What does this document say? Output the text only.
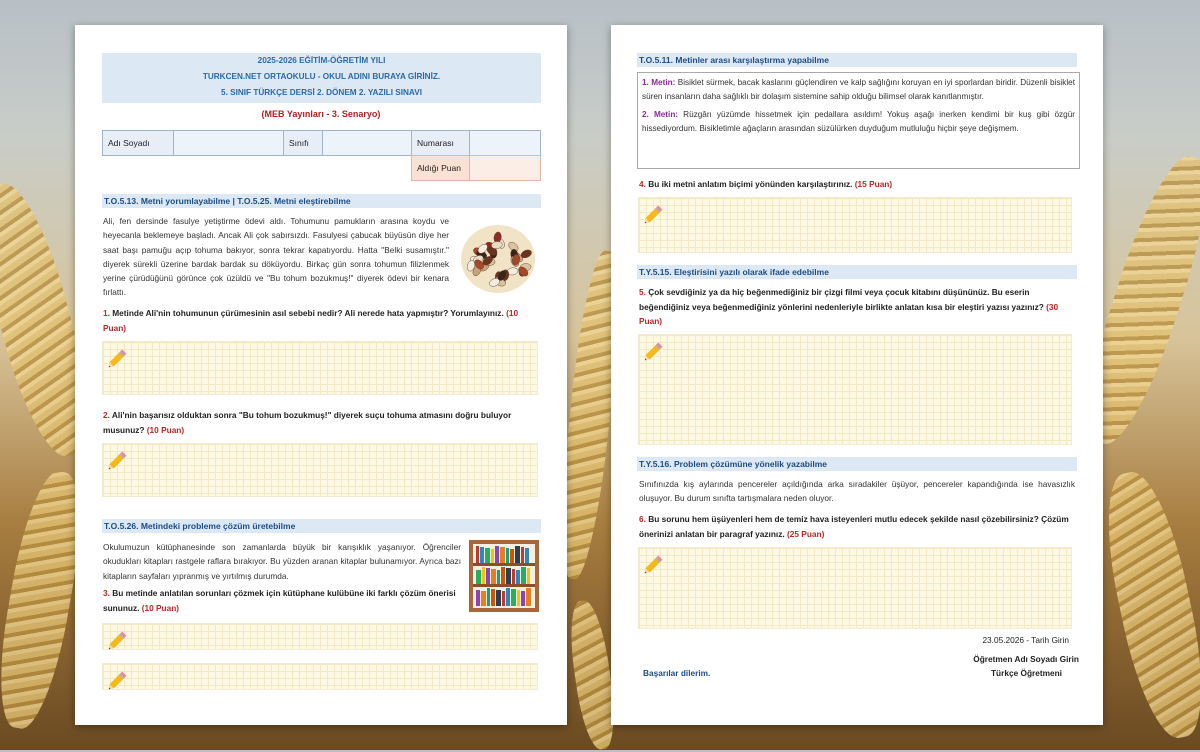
2025-2026 EĞİTİM-ÖĞRETİM YILI
TURKCEN.NET ORTAOKULU - OKUL ADINI BURAYA GİRİNİZ.
5. SINIF TÜRKÇE DERSİ 2. DÖNEM 2. YAZILI SINAVI
(MEB Yayınları - 3. Senaryo)
Adı Soyadı	Sınıfı	Numarası
Aldığı Puan
T.O.5.13. Metni yorumlayabilme | T.O.5.25. Metni eleştirebilme
Ali, fen dersinde fasulye yetiştirme ödevi aldı. Tohumunu pamukların arasına koydu ve heyecanla beklemeye başladı. Ancak Ali çok sabırsızdı. Fasulyesi çabucak büyüsün diye her saat başı pamuğu açıp tohuma bakıyor, sonra tekrar kapatıyordu. Hatta "Belki susamıştır." diyerek sürekli üzerine bardak bardak su döküyordu. Birkaç gün sonra tohumun filizlenmek yerine çürüdüğünü görünce çok üzüldü ve "Bu tohum bozukmuş!" diyerek ödevi bir kenara fırlattı.
1. Metinde Ali'nin tohumunun çürümesinin asıl sebebi nedir? Ali nerede hata yapmıştır? Yorumlayınız. (10 Puan)
2. Ali'nin başarısız olduktan sonra "Bu tohum bozukmuş!" diyerek suçu tohuma atmasını doğru buluyor musunuz? (10 Puan)
T.O.5.26. Metindeki probleme çözüm üretebilme
Okulumuzun kütüphanesinde son zamanlarda büyük bir karışıklık yaşanıyor. Öğrenciler okudukları kitapları rastgele raflara bırakıyor. Bu yüzden aranan kitaplar bulunamıyor. Ayrıca bazı kitapların sayfaları yıpranmış ve yırtılmış durumda.
3. Bu metinde anlatılan sorunları çözmek için kütüphane kulübüne iki farklı çözüm önerisi sununuz. (10 Puan)
T.O.5.11. Metinler arası karşılaştırma yapabilme

1. Metin: Bisiklet sürmek, bacak kaslarını güçlendiren ve kalp sağlığını koruyan en iyi sporlardan biridir. Düzenli bisiklet süren insanların daha sağlıklı bir dolaşım sistemine sahip olduğu bilimsel olarak kanıtlanmıştır.

2. Metin: Rüzgârı yüzümde hissetmek için pedallara asıldım! Yokuş aşağı inerken kendimi bir kuş gibi özgür hissediyordum. Bisikletimle ağaçların arasından süzülürken duyduğum mutluluğu hiçbir şeye değişmem.

4. Bu iki metni anlatım biçimi yönünden karşılaştırınız. (15 Puan)
T.Y.5.15. Eleştirisini yazılı olarak ifade edebilme
5. Çok sevdiğiniz ya da hiç beğenmediğiniz bir çizgi filmi veya çocuk kitabını düşününüz. Bu eserin beğendiğiniz veya beğenmediğiniz yönlerini nedenleriyle birlikte anlatan kısa bir eleştiri yazısı yazınız? (30 Puan)
T.Y.5.16. Problem çözümüne yönelik yazabilme
Sınıfınızda kış aylarında pencereler açıldığında arka sıradakiler üşüyor, pencereler kapandığında ise havasızlık oluşuyor. Bu durum sınıfta tartışmalara neden oluyor.
6. Bu sorunu hem üşüyenleri hem de temiz hava isteyenleri mutlu edecek şekilde nasıl çözebilirsiniz? Çözüm önerinizi anlatan bir paragraf yazınız. (25 Puan)
23.05.2026 - Tarih Girin
Öğretmen Adı Soyadı Girin
Türkçe Öğretmeni
Başarılar dilerim.
